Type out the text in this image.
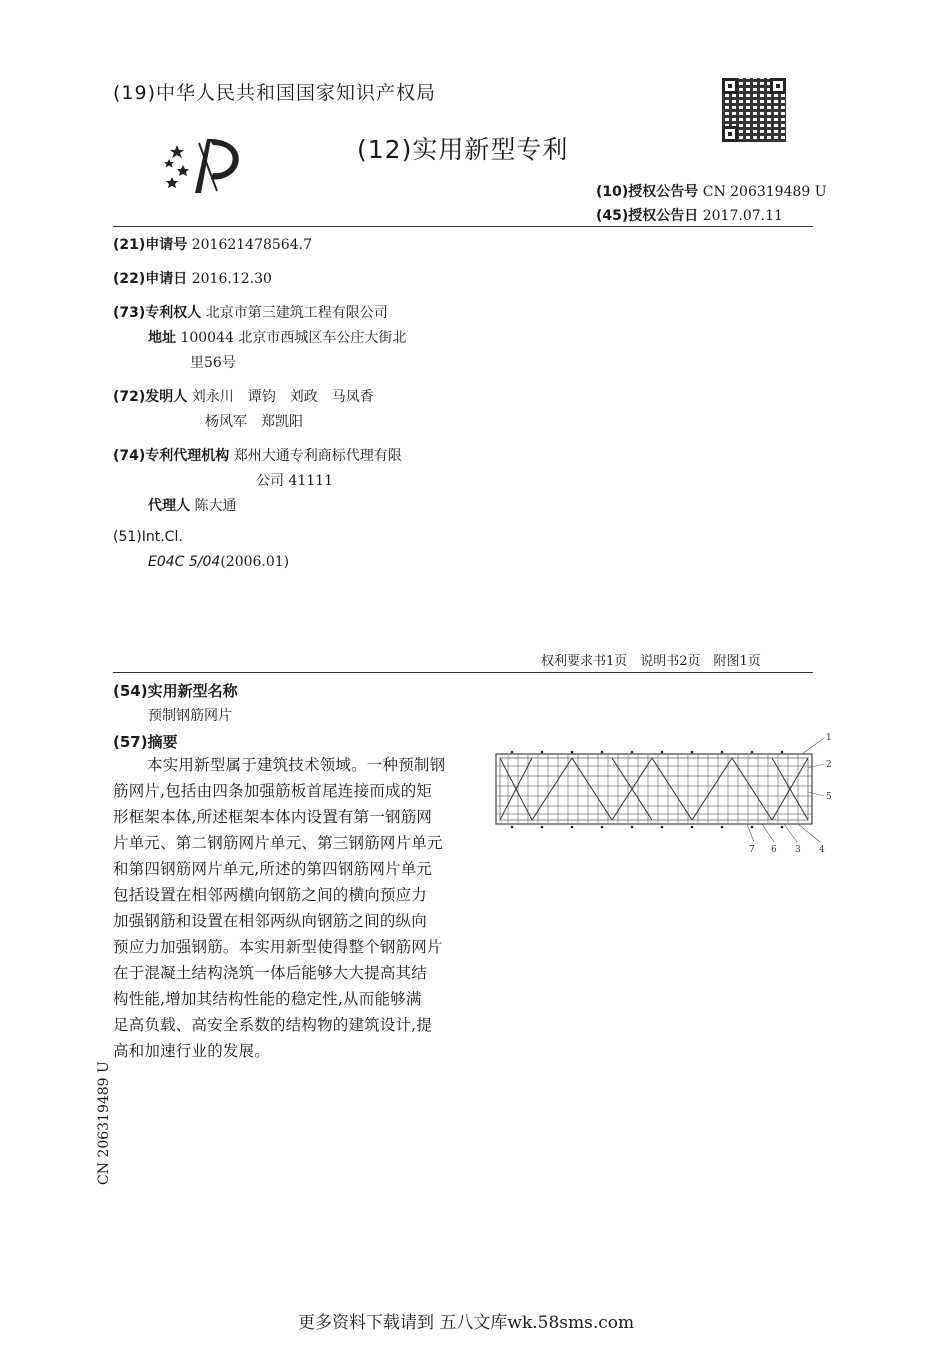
(19)中华人民共和国国家知识产权局
(12)实用新型专利
(10)授权公告号 CN 206319489 U
(45)授权公告日 2017.07.11
(21)申请号 201621478564.7
(22)申请日 2016.12.30
(73)专利权人 北京市第三建筑工程有限公司
地址 100044 北京市西城区车公庄大街北
里56号
(72)发明人 刘永川　谭钧　刘政　马凤香
杨风军　郑凯阳
(74)专利代理机构 郑州大通专利商标代理有限
公司 41111
代理人 陈大通
(51)Int.Cl.
E04C 5/04(2006.01)
权利要求书1页　说明书2页　附图1页
(54)实用新型名称
预制钢筋网片
(57)摘要

本实用新型属于建筑技术领域。一种预制钢

筋网片,包括由四条加强筋板首尾连接而成的矩

形框架本体,所述框架本体内设置有第一钢筋网

片单元、第二钢筋网片单元、第三钢筋网片单元

和第四钢筋网片单元,所述的第四钢筋网片单元

包括设置在相邻两横向钢筋之间的横向预应力

加强钢筋和设置在相邻两纵向钢筋之间的纵向

预应力加强钢筋。本实用新型使得整个钢筋网片

在于混凝土结构浇筑一体后能够大大提高其结

构性能,增加其结构性能的稳定性,从而能够满

足高负载、高安全系数的结构物的建筑设计,提

高和加速行业的发展。

1
2
5
7 6 3 4
CN 206319489 U
更多资料下载请到 五八文库wk.58sms.com
